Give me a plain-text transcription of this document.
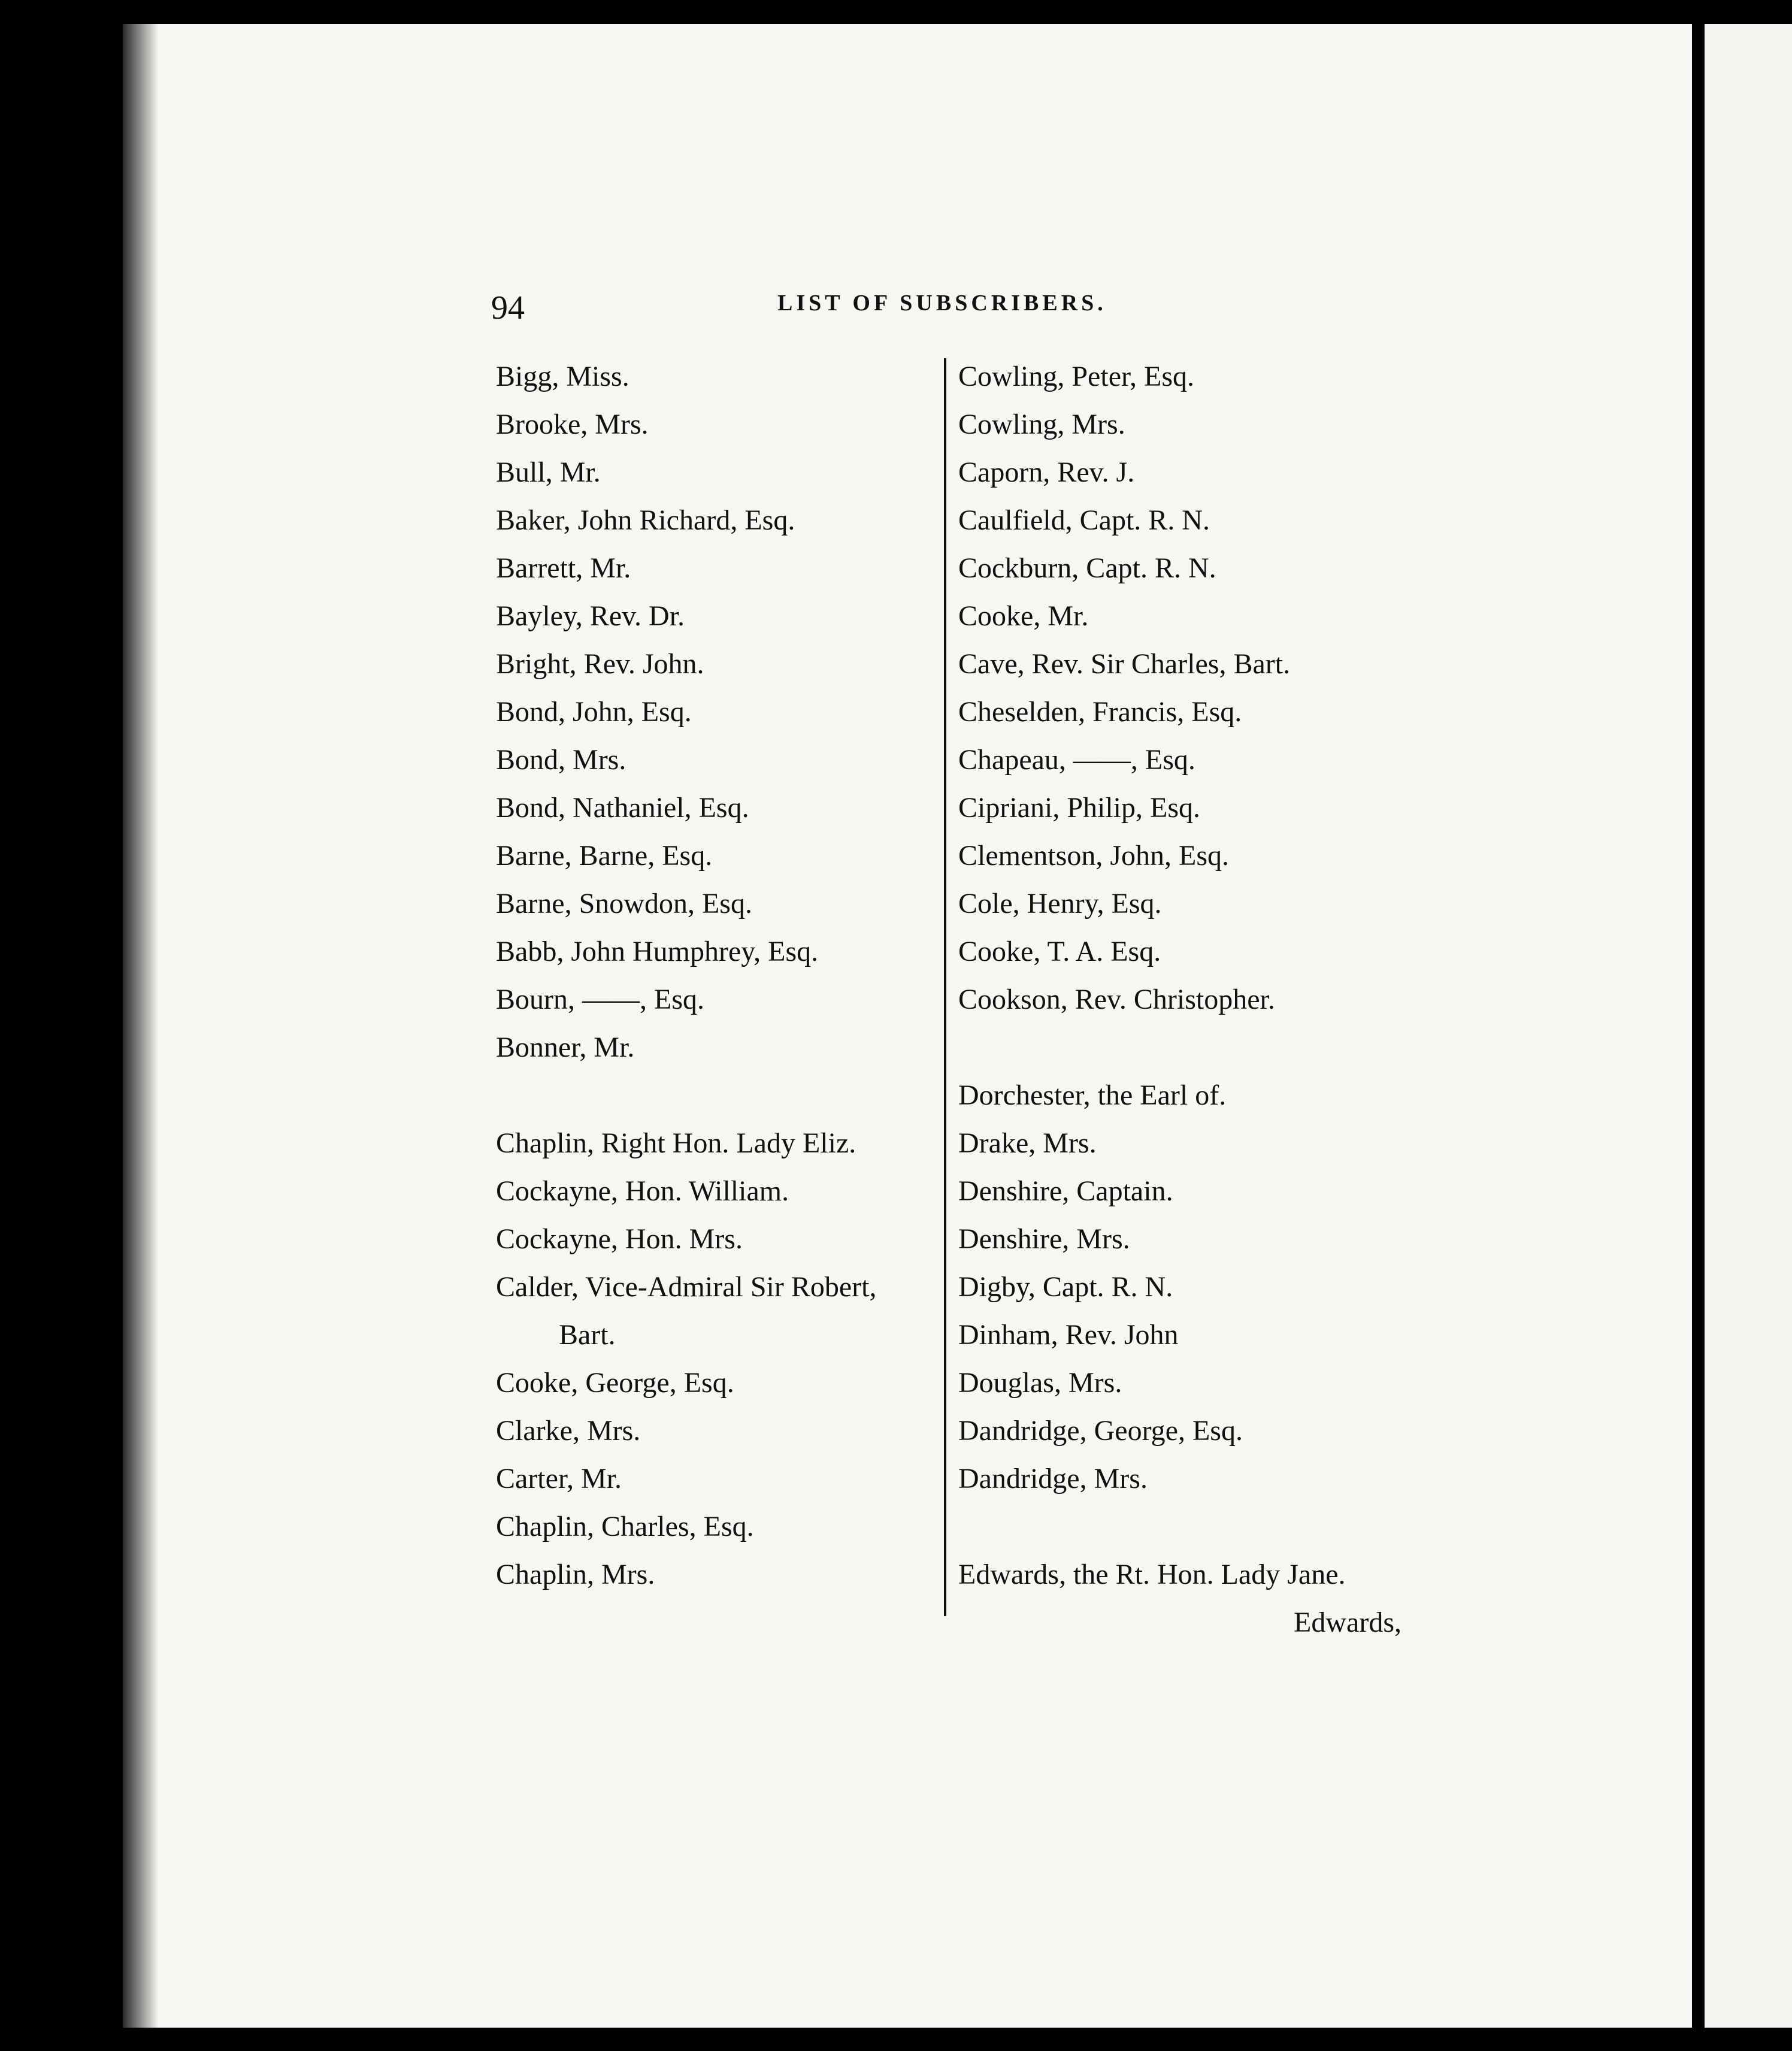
94	LIST OF SUBSCRIBERS.
Bigg, Miss.
Brooke, Mrs.
Bull, Mr.
Baker, John Richard, Esq.
Barrett, Mr.
Bayley, Rev. Dr.
Bright, Rev. John.
Bond, John, Esq.
Bond, Mrs.
Bond, Nathaniel, Esq.
Barne, Barne, Esq.
Barne, Snowdon, Esq.
Babb, John Humphrey, Esq.
Bourn, ——, Esq.
Bonner, Mr.
Chaplin, Right Hon. Lady Eliz.
Cockayne, Hon. William.
Cockayne, Hon. Mrs.
Calder, Vice-Admiral Sir Robert,
Bart.
Cooke, George, Esq.
Clarke, Mrs.
Carter, Mr.
Chaplin, Charles, Esq.
Chaplin, Mrs.
Cowling, Peter, Esq.
Cowling, Mrs.
Caporn, Rev. J.
Caulfield, Capt. R. N.
Cockburn, Capt. R. N.
Cooke, Mr.
Cave, Rev. Sir Charles, Bart.
Cheselden, Francis, Esq.
Chapeau, ——, Esq.
Cipriani, Philip, Esq.
Clementson, John, Esq.
Cole, Henry, Esq.
Cooke, T. A. Esq.
Cookson, Rev. Christopher.
Dorchester, the Earl of.
Drake, Mrs.
Denshire, Captain.
Denshire, Mrs.
Digby, Capt. R. N.
Dinham, Rev. John
Douglas, Mrs.
Dandridge, George, Esq.
Dandridge, Mrs.
Edwards, the Rt. Hon. Lady Jane.
Edwards,
